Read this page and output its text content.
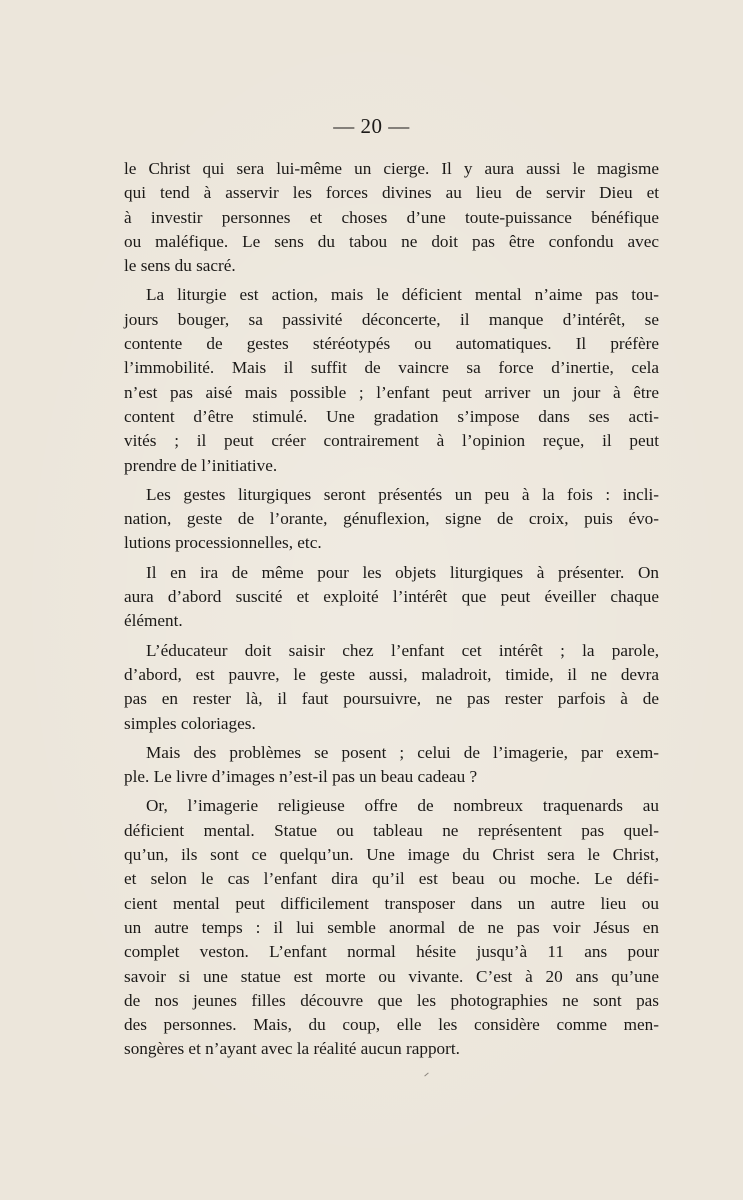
— 20 —
le Christ qui sera lui-même un cierge. Il y aura aussi le magisme
qui tend à asservir les forces divines au lieu de servir Dieu et
à investir personnes et choses d’une toute-puissance bénéfique
ou maléfique. Le sens du tabou ne doit pas être confondu avec
le sens du sacré.
La liturgie est action, mais le déficient mental n’aime pas tou-
jours bouger, sa passivité déconcerte, il manque d’intérêt, se
contente de gestes stéréotypés ou automatiques. Il préfère
l’immobilité. Mais il suffit de vaincre sa force d’inertie, cela
n’est pas aisé mais possible ; l’enfant peut arriver un jour à être
content d’être stimulé. Une gradation s’impose dans ses acti-
vités ; il peut créer contrairement à l’opinion reçue, il peut
prendre de l’initiative.
Les gestes liturgiques seront présentés un peu à la fois : incli-
nation, geste de l’orante, génuflexion, signe de croix, puis évo-
lutions processionnelles, etc.
Il en ira de même pour les objets liturgiques à présenter. On
aura d’abord suscité et exploité l’intérêt que peut éveiller chaque
élément.
L’éducateur doit saisir chez l’enfant cet intérêt ; la parole,
d’abord, est pauvre, le geste aussi, maladroit, timide, il ne devra
pas en rester là, il faut poursuivre, ne pas rester parfois à de
simples coloriages.
Mais des problèmes se posent ; celui de l’imagerie, par exem-
ple. Le livre d’images n’est-il pas un beau cadeau ?
Or, l’imagerie religieuse offre de nombreux traquenards au
déficient mental. Statue ou tableau ne représentent pas quel-
qu’un, ils sont ce quelqu’un. Une image du Christ sera le Christ,
et selon le cas l’enfant dira qu’il est beau ou moche. Le défi-
cient mental peut difficilement transposer dans un autre lieu ou
un autre temps : il lui semble anormal de ne pas voir Jésus en
complet veston. L’enfant normal hésite jusqu’à 11 ans pour
savoir si une statue est morte ou vivante. C’est à 20 ans qu’une
de nos jeunes filles découvre que les photographies ne sont pas
des personnes. Mais, du coup, elle les considère comme men-
songères et n’ayant avec la réalité aucun rapport.
